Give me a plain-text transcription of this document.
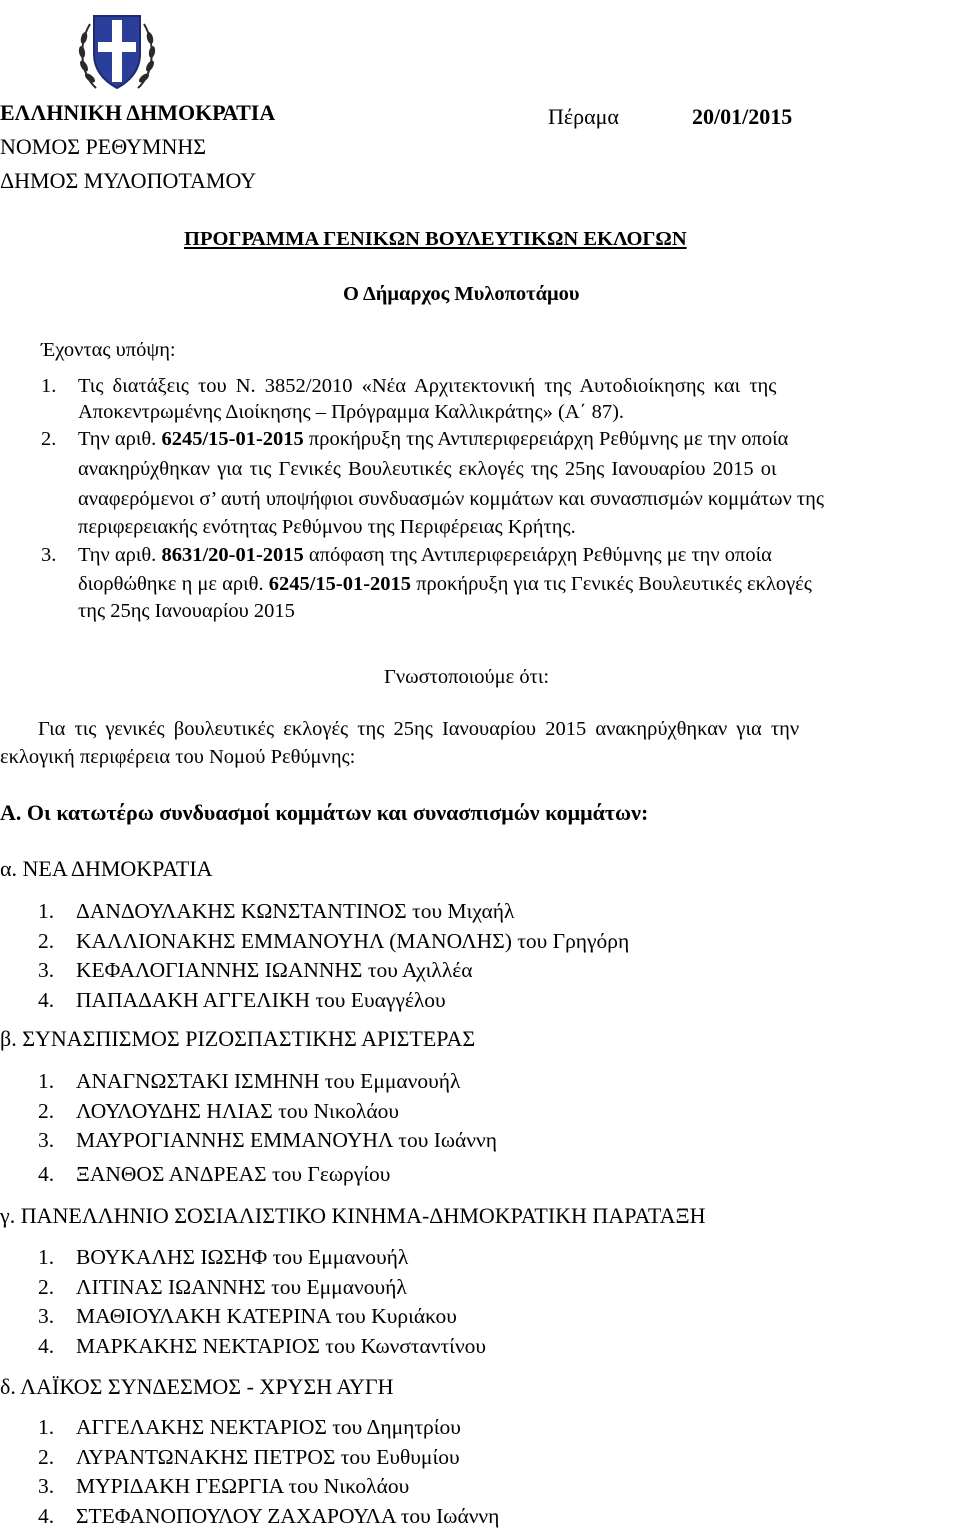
ΕΛΛΗΝΙΚΗ ΔΗΜΟΚΡΑΤΙΑ
ΝΟΜΟΣ ΡΕΘΥΜΝΗΣ
ΔΗΜΟΣ ΜΥΛΟΠΟΤΑΜΟΥ
Πέραμα	20/01/2015
ΠΡΟΓΡΑΜΜΑ ΓΕΝΙΚΩΝ ΒΟΥΛΕΥΤΙΚΩΝ ΕΚΛΟΓΩΝ
Ο Δήμαρχος Μυλοποτάμου
Έχοντας υπόψη:
1. Τις διατάξεις του Ν. 3852/2010 «Νέα Αρχιτεκτονική της Αυτοδιοίκησης και της
Αποκεντρωμένης Διοίκησης – Πρόγραμμα Καλλικράτης» (Α΄ 87).
2. Την αριθ. 6245/15-01-2015 προκήρυξη της Αντιπεριφερειάρχη Ρεθύμνης με την οποία
ανακηρύχθηκαν για τις Γενικές Βουλευτικές εκλογές της 25ης Ιανουαρίου 2015 οι
αναφερόμενοι σ’ αυτή υποψήφιοι συνδυασμών κομμάτων και συνασπισμών κομμάτων της
περιφερειακής ενότητας Ρεθύμνου της Περιφέρειας Κρήτης.
3. Την αριθ. 8631/20-01-2015 απόφαση της Αντιπεριφερειάρχη Ρεθύμνης με την οποία
διορθώθηκε η με αριθ. 6245/15-01-2015 προκήρυξη για τις Γενικές Βουλευτικές εκλογές
της 25ης Ιανουαρίου 2015
Γνωστοποιούμε ότι:
Για τις γενικές βουλευτικές εκλογές της 25ης Ιανουαρίου 2015 ανακηρύχθηκαν για την
εκλογική περιφέρεια του Νομού Ρεθύμνης:
Α. Οι κατωτέρω συνδυασμοί κομμάτων και συνασπισμών κομμάτων:
α. ΝΕΑ ΔΗΜΟΚΡΑΤΙΑ
1. ΔΑΝΔΟΥΛΑΚΗΣ ΚΩΝΣΤΑΝΤΙΝΟΣ του Μιχαήλ
2. ΚΑΛΛΙΟΝΑΚΗΣ ΕΜΜΑΝΟΥΗΛ (ΜΑΝΟΛΗΣ) του Γρηγόρη
3. ΚΕΦΑΛΟΓΙΑΝΝΗΣ ΙΩΑΝΝΗΣ του Αχιλλέα
4. ΠΑΠΑΔΑΚΗ ΑΓΓΕΛΙΚΗ του Ευαγγέλου
β. ΣΥΝΑΣΠΙΣΜΟΣ ΡΙΖΟΣΠΑΣΤΙΚΗΣ ΑΡΙΣΤΕΡΑΣ
1. ΑΝΑΓΝΩΣΤΑΚΙ ΙΣΜΗΝΗ του Εμμανουήλ
2. ΛΟΥΛΟΥΔΗΣ ΗΛΙΑΣ του Νικολάου
3. ΜΑΥΡΟΓΙΑΝΝΗΣ ΕΜΜΑΝΟΥΗΛ του Ιωάννη
4. ΞΑΝΘΟΣ ΑΝΔΡΕΑΣ του Γεωργίου
γ. ΠΑΝΕΛΛΗΝΙΟ ΣΟΣΙΑΛΙΣΤΙΚΟ ΚΙΝΗΜΑ-ΔΗΜΟΚΡΑΤΙΚΗ ΠΑΡΑΤΑΞΗ
1. ΒΟΥΚΑΛΗΣ ΙΩΣΗΦ του Εμμανουήλ
2. ΛΙΤΙΝΑΣ ΙΩΑΝΝΗΣ του Εμμανουήλ
3. ΜΑΘΙΟΥΛΑΚΗ ΚΑΤΕΡΙΝΑ του Κυριάκου
4. ΜΑΡΚΑΚΗΣ ΝΕΚΤΑΡΙΟΣ του Κωνσταντίνου
δ. ΛΑΪΚΟΣ ΣΥΝΔΕΣΜΟΣ - ΧΡΥΣΗ ΑΥΓΗ
1. ΑΓΓΕΛΑΚΗΣ ΝΕΚΤΑΡΙΟΣ του Δημητρίου
2. ΛΥΡΑΝΤΩΝΑΚΗΣ ΠΕΤΡΟΣ του Ευθυμίου
3. ΜΥΡΙΔΑΚΗ ΓΕΩΡΓΙΑ του Νικολάου
4. ΣΤΕΦΑΝΟΠΟΥΛΟΥ ΖΑΧΑΡΟΥΛΑ του Ιωάννη
